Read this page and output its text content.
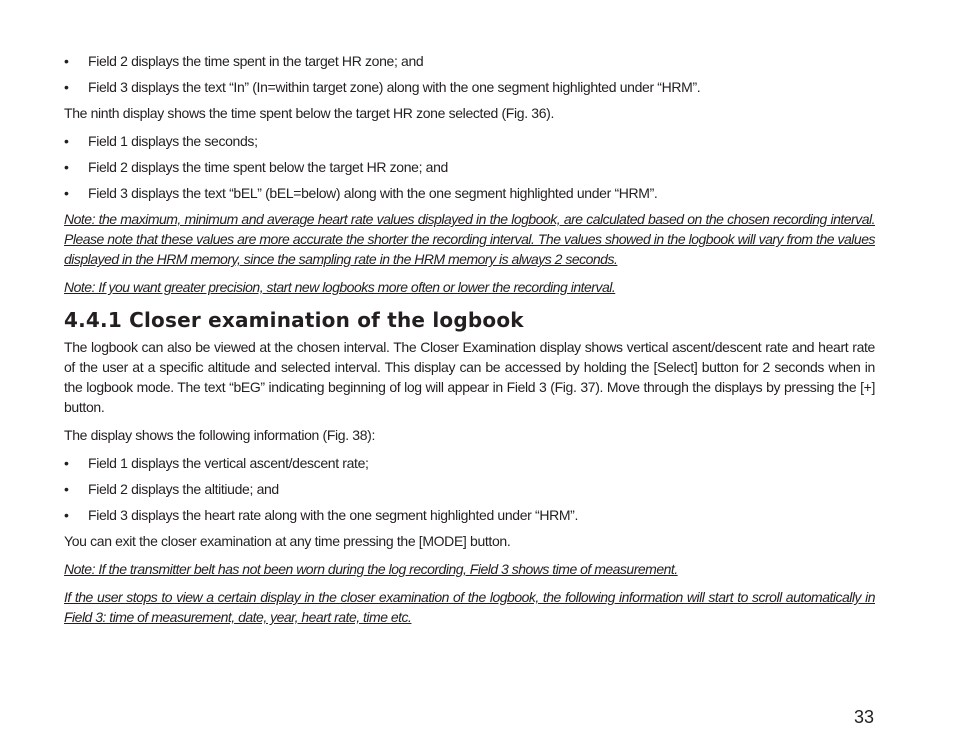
• Field 2 displays the time spent in the target HR zone; and
• Field 3 displays the text “In” (In=within target zone) along with the one segment highlighted under “HRM”.

The ninth display shows the time spent below the target HR zone selected (Fig. 36).

• Field 1 displays the seconds;
• Field 2 displays the time spent below the target HR zone; and
• Field 3 displays the text “bEL” (bEL=below) along with the one segment highlighted under “HRM”.

Note: the maximum, minimum and average heart rate values displayed in the logbook, are calculated based on the chosen recording interval. Please note that these values are more accurate the shorter the recording interval. The values showed in the logbook will vary from the values displayed in the HRM memory, since the sampling rate in the HRM memory is always 2 seconds.

Note: If you want greater precision, start new logbooks more often or lower the recording interval.

4.4.1 Closer examination of the logbook

The logbook can also be viewed at the chosen interval. The Closer Examination display shows vertical ascent/descent rate and heart rate of the user at a specific altitude and selected interval. This display can be accessed by holding the [Select] button for 2 seconds when in the logbook mode. The text “bEG” indicating beginning of log will appear in Field 3 (Fig. 37). Move through the displays by pressing the [+] button.

The display shows the following information (Fig. 38):

• Field 1 displays the vertical ascent/descent rate;
• Field 2 displays the altitiude; and
• Field 3 displays the heart rate along with the one segment highlighted under “HRM”.

You can exit the closer examination at any time pressing the [MODE] button.

Note: If the transmitter belt has not been worn during the log recording, Field 3 shows time of measurement.

If the user stops to view a certain display in the closer examination of the logbook, the following information will start to scroll automatically in Field 3: time of measurement, date, year, heart rate, time etc.

33
